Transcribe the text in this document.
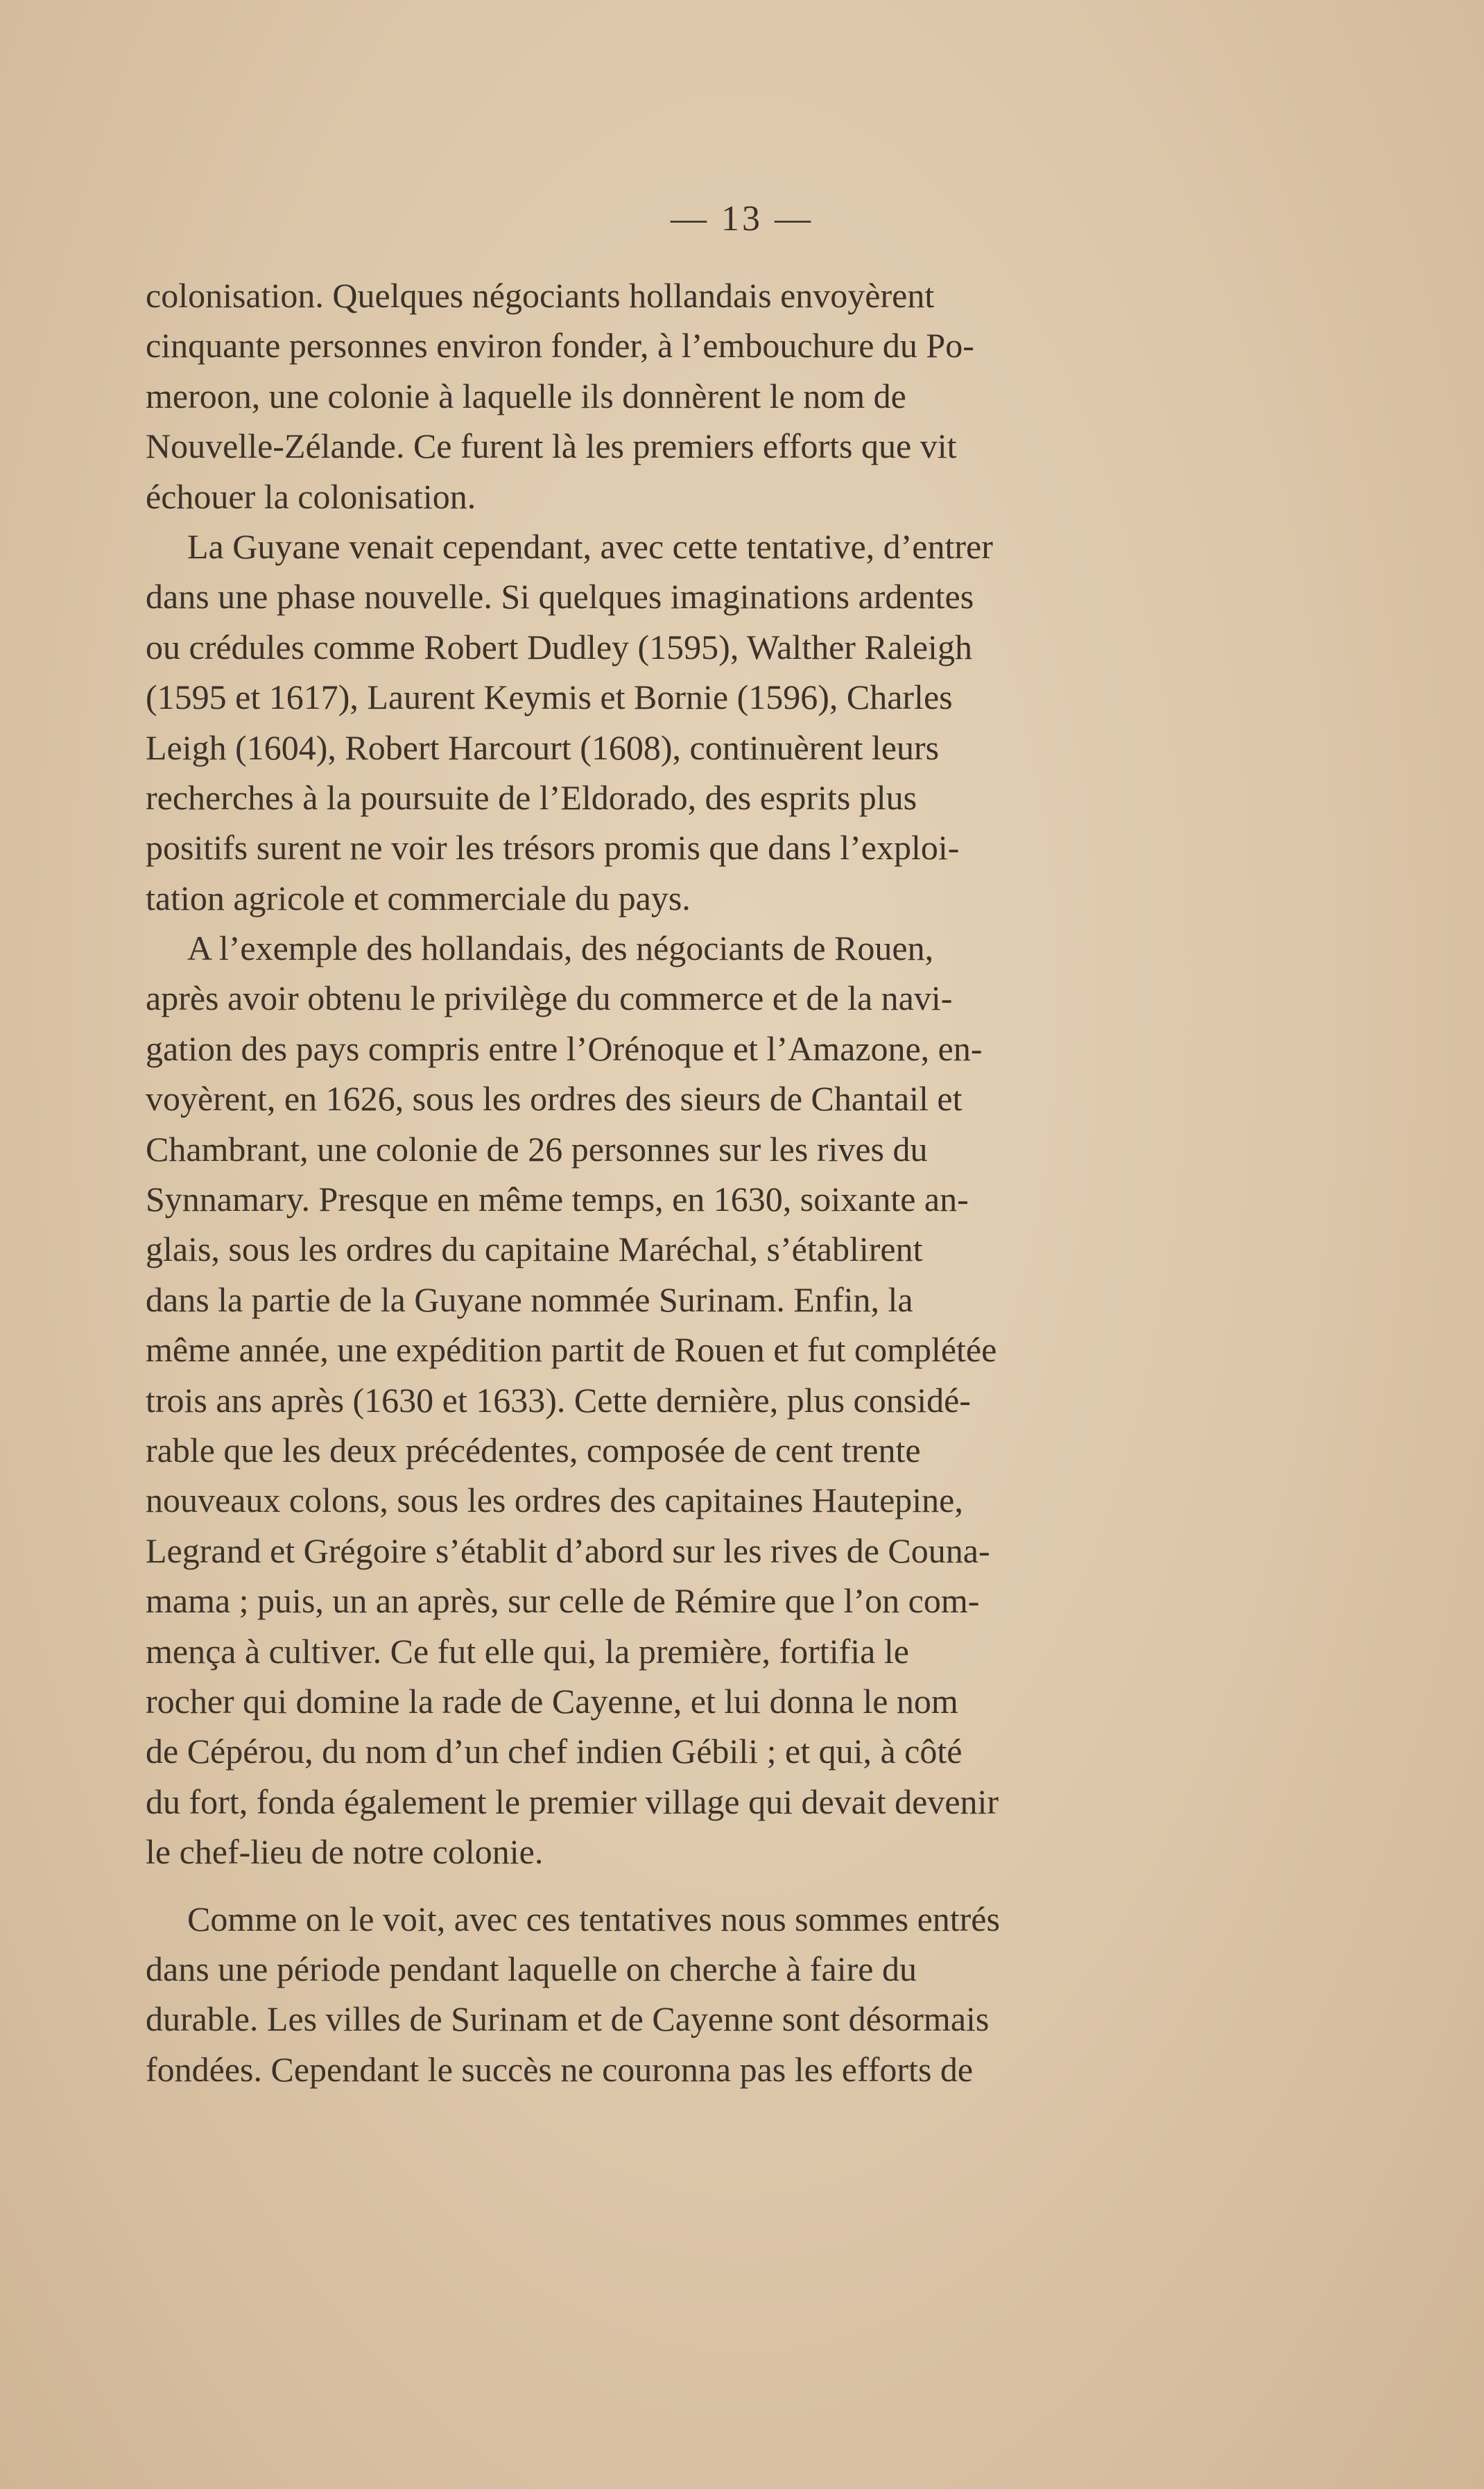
— 13 —
colonisation. Quelques négociants hollandais envoyèrent
cinquante personnes environ fonder, à l’embouchure du Po-
meroon, une colonie à laquelle ils donnèrent le nom de
Nouvelle-Zélande. Ce furent là les premiers efforts que vit
échouer la colonisation.
La Guyane venait cependant, avec cette tentative, d’entrer
dans une phase nouvelle. Si quelques imaginations ardentes
ou crédules comme Robert Dudley (1595), Walther Raleigh
(1595 et 1617), Laurent Keymis et Bornie (1596), Charles
Leigh (1604), Robert Harcourt (1608), continuèrent leurs
recherches à la poursuite de l’Eldorado, des esprits plus
positifs surent ne voir les trésors promis que dans l’exploi-
tation agricole et commerciale du pays.
A l’exemple des hollandais, des négociants de Rouen,
après avoir obtenu le privilège du commerce et de la navi-
gation des pays compris entre l’Orénoque et l’Amazone, en-
voyèrent, en 1626, sous les ordres des sieurs de Chantail et
Chambrant, une colonie de 26 personnes sur les rives du
Synnamary. Presque en même temps, en 1630, soixante an-
glais, sous les ordres du capitaine Maréchal, s’établirent
dans la partie de la Guyane nommée Surinam. Enfin, la
même année, une expédition partit de Rouen et fut complétée
trois ans après (1630 et 1633). Cette dernière, plus considé-
rable que les deux précédentes, composée de cent trente
nouveaux colons, sous les ordres des capitaines Hautepine,
Legrand et Grégoire s’établit d’abord sur les rives de Couna-
mama ; puis, un an après, sur celle de Rémire que l’on com-
mença à cultiver. Ce fut elle qui, la première, fortifia le
rocher qui domine la rade de Cayenne, et lui donna le nom
de Cépérou, du nom d’un chef indien Gébili ; et qui, à côté
du fort, fonda également le premier village qui devait devenir
le chef-lieu de notre colonie.
Comme on le voit, avec ces tentatives nous sommes entrés
dans une période pendant laquelle on cherche à faire du
durable. Les villes de Surinam et de Cayenne sont désormais
fondées. Cependant le succès ne couronna pas les efforts de
